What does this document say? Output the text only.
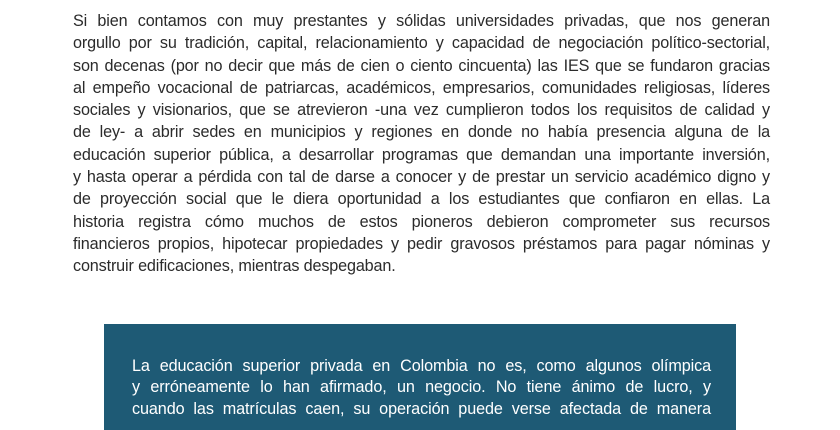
Si bien contamos con muy prestantes y sólidas universidades privadas, que nos generan
orgullo por su tradición, capital, relacionamiento y capacidad de negociación político-sectorial,
son decenas (por no decir que más de cien o ciento cincuenta) las IES que se fundaron gracias
al empeño vocacional de patriarcas, académicos, empresarios, comunidades religiosas, líderes
sociales y visionarios, que se atrevieron -una vez cumplieron todos los requisitos de calidad y
de ley- a abrir sedes en municipios y regiones en donde no había presencia alguna de la
educación superior pública, a desarrollar programas que demandan una importante inversión,
y hasta operar a pérdida con tal de darse a conocer y de prestar un servicio académico digno y
de proyección social que le diera oportunidad a los estudiantes que confiaron en ellas. La
historia registra cómo muchos de estos pioneros debieron comprometer sus recursos
financieros propios, hipotecar propiedades y pedir gravosos préstamos para pagar nóminas y
construir edificaciones, mientras despegaban.

La educación superior privada en Colombia no es, como algunos olímpica
y erróneamente lo han afirmado, un negocio. No tiene ánimo de lucro, y
cuando las matrículas caen, su operación puede verse afectada de manera
